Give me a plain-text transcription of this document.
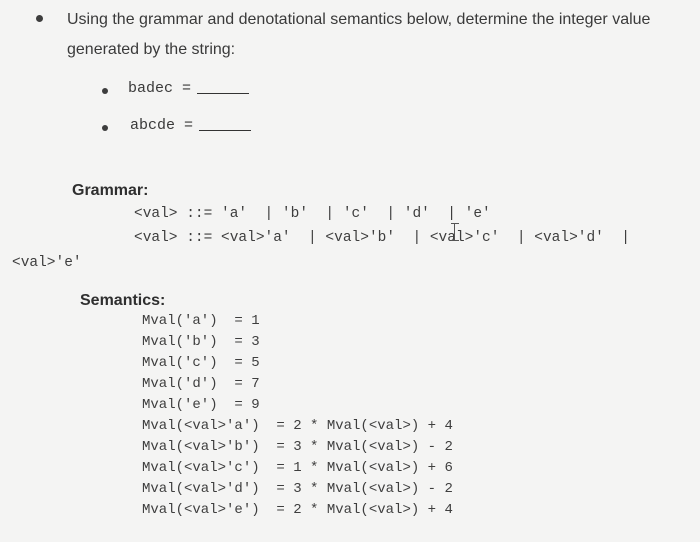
Using the grammar and denotational semantics below, determine the integer value generated by the string:
badec =
abcde =
Grammar:
<val> ::= 'a'  | 'b'  | 'c'  | 'd'  | 'e'
<val> ::= <val>'a'  | <val>'b'  | <val>'c'  | <val>'d'  |
<val>'e'
Semantics:
Mval('a')  = 1
Mval('b')  = 3
Mval('c')  = 5
Mval('d')  = 7
Mval('e')  = 9
Mval(<val>'a')  = 2 * Mval(<val>) + 4
Mval(<val>'b')  = 3 * Mval(<val>) - 2
Mval(<val>'c')  = 1 * Mval(<val>) + 6
Mval(<val>'d')  = 3 * Mval(<val>) - 2
Mval(<val>'e')  = 2 * Mval(<val>) + 4
